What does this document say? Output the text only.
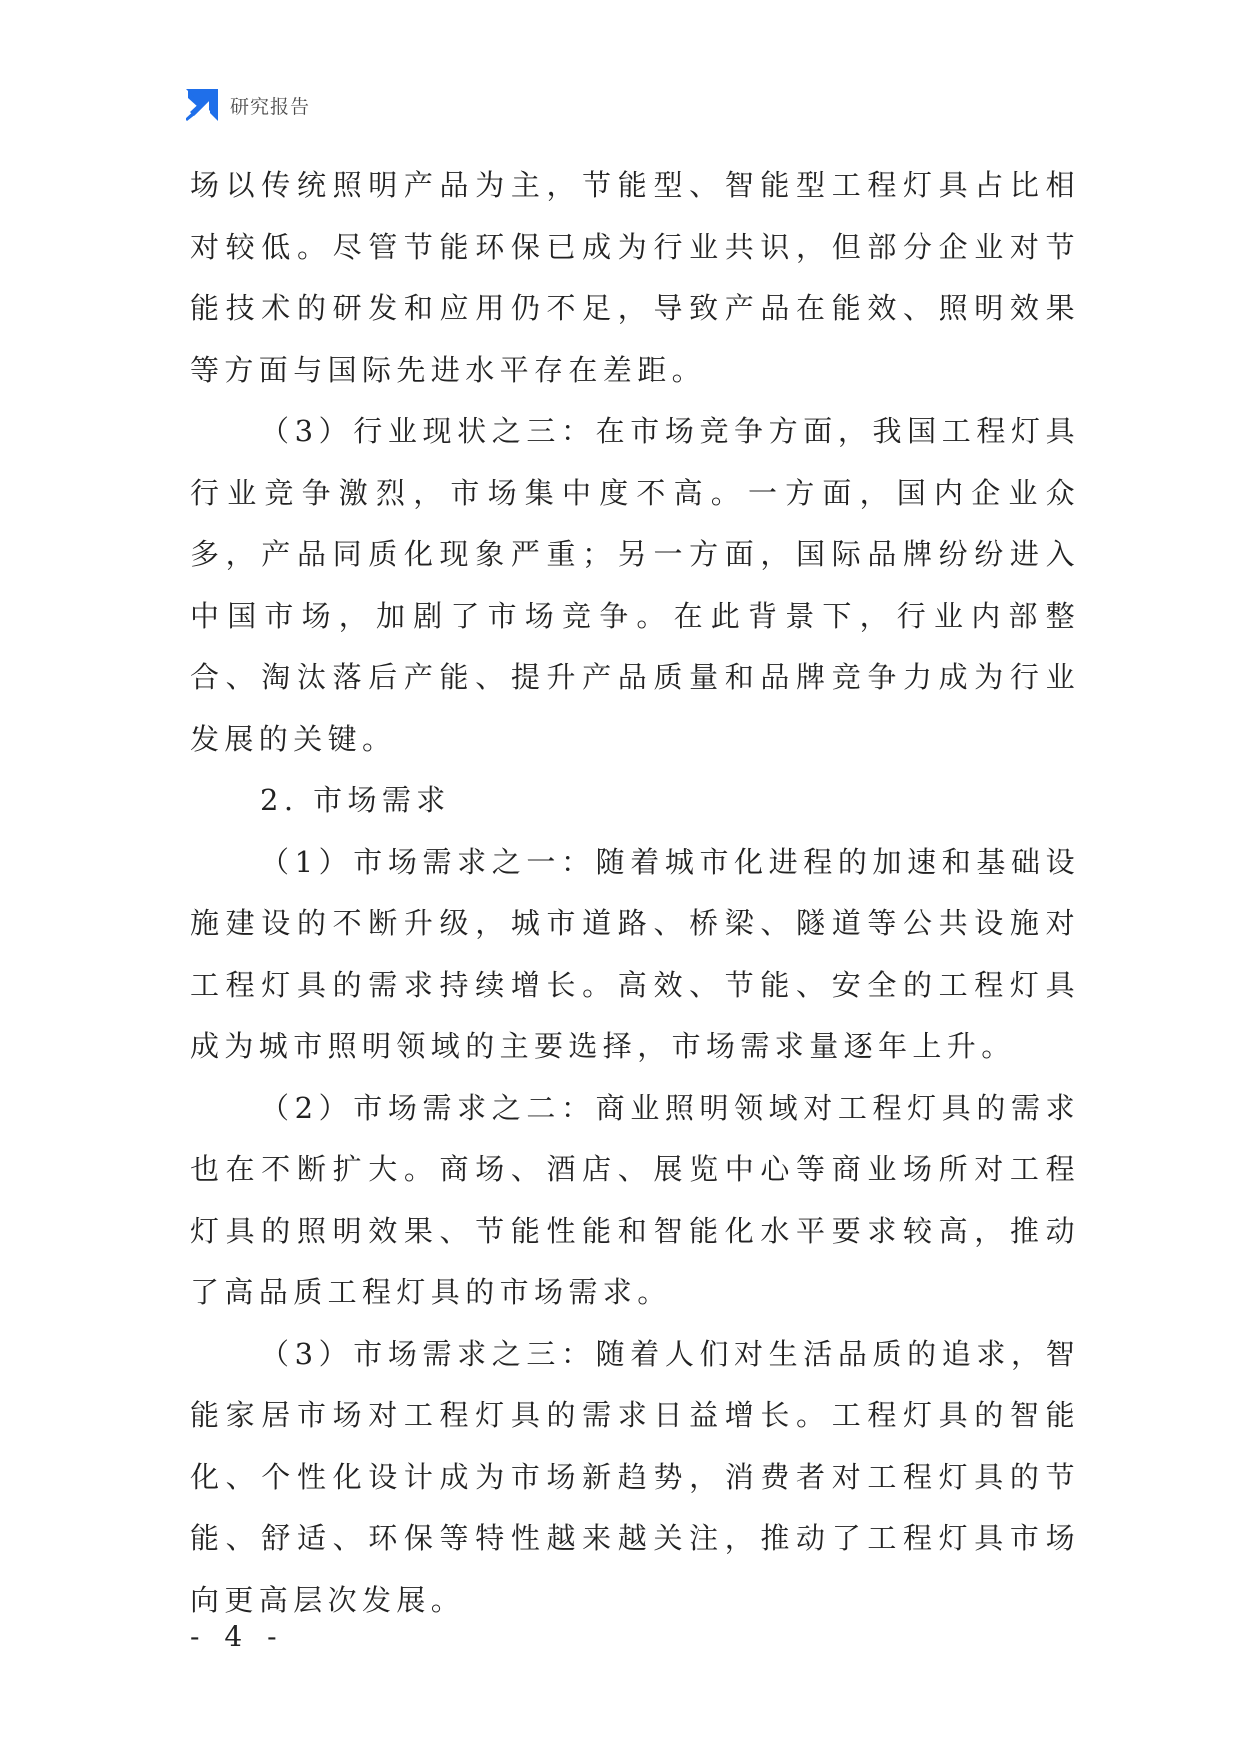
研究报告

场以传统照明产品为主，节能型、智能型工程灯具占比相对较低。尽管节能环保已成为行业共识，但部分企业对节能技术的研发和应用仍不足，导致产品在能效、照明效果等方面与国际先进水平存在差距。

（3）行业现状之三：在市场竞争方面，我国工程灯具行业竞争激烈，市场集中度不高。一方面，国内企业众多，产品同质化现象严重；另一方面，国际品牌纷纷进入中国市场，加剧了市场竞争。在此背景下，行业内部整合、淘汰落后产能、提升产品质量和品牌竞争力成为行业发展的关键。

2. 市场需求

（1）市场需求之一：随着城市化进程的加速和基础设施建设的不断升级，城市道路、桥梁、隧道等公共设施对工程灯具的需求持续增长。高效、节能、安全的工程灯具成为城市照明领域的主要选择，市场需求量逐年上升。

（2）市场需求之二：商业照明领域对工程灯具的需求也在不断扩大。商场、酒店、展览中心等商业场所对工程灯具的照明效果、节能性能和智能化水平要求较高，推动了高品质工程灯具的市场需求。

（3）市场需求之三：随着人们对生活品质的追求，智能家居市场对工程灯具的需求日益增长。工程灯具的智能化、个性化设计成为市场新趋势，消费者对工程灯具的节能、舒适、环保等特性越来越关注，推动了工程灯具市场向更高层次发展。

- 4 -
